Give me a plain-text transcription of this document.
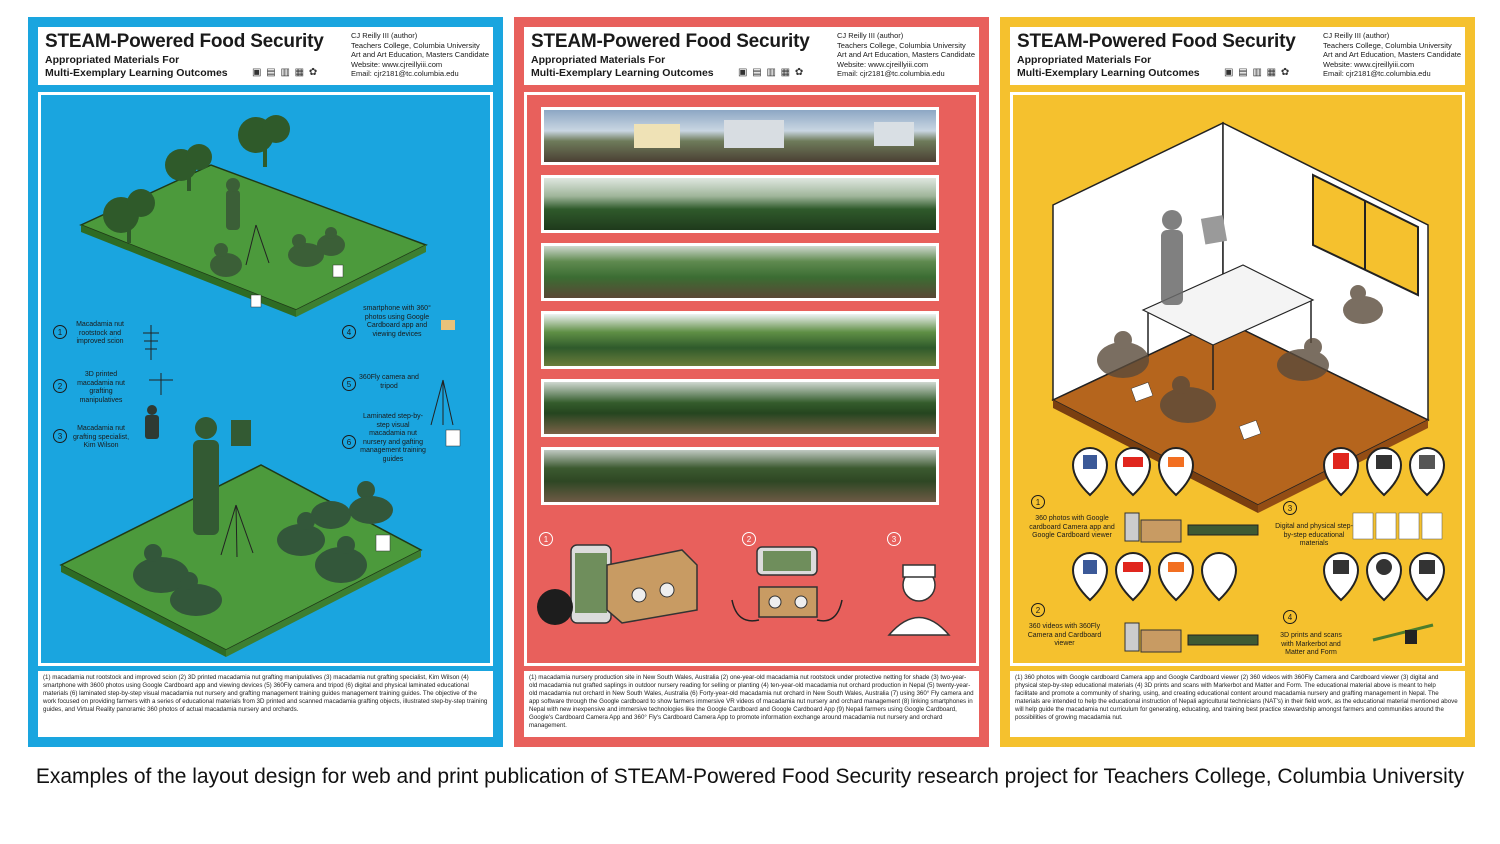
STEAM-Powered Food Security
Appropriated Materials For
Multi-Exemplary Learning Outcomes ▣ ▤ ▥ ▦ ✿
CJ Reilly III (author)
Teachers College, Columbia University
Art and Art Education, Masters Candidate
Website: www.cjreillyiii.com
Email: cjr2181@tc.columbia.edu
1
Macadamia nut rootstock and improved scion
2
3D printed macadamia nut grafting manipulatives
3
Macadamia nut grafting specialist, Kim Wilson
4
smartphone with 360° photos using Google Cardboard app and viewing devices
5
360Fly camera and tripod
6
Laminated step-by-step visual macadamia nut nursery and gafting management training guides
(1) macadamia nut rootstock and improved scion (2) 3D printed macadamia nut grafting manipulatives (3) macadamia nut grafting specialist, Kim Wilson (4) smartphone with 3600 photos using Google Cardboard app and viewing devices (5) 360Fly camera and tripod (6) digital and physical laminated educational materials (6) laminated step-by-step visual macadamia nut nursery and grafting management training guides management training guides. The objective of the work focused on providing farmers with a series of educational materials from 3D printed and scanned macadamia grafting objects, illustrated step-by-step training guides, and Virtual Reality panoramic 360 photos of actual macadamia nursery and orchards.
STEAM-Powered Food Security
Appropriated Materials For
Multi-Exemplary Learning Outcomes ▣ ▤ ▥ ▦ ✿
CJ Reilly III (author)
Teachers College, Columbia University
Art and Art Education, Masters Candidate
Website: www.cjreillyiii.com
Email: cjr2181@tc.columbia.edu
1	2	3
(1) macadamia nursery production site in New South Wales, Australia (2) one-year-old macadamia nut rootstock under protective netting for shade (3) two-year-old macadamia nut grafted saplings in outdoor nursery reading for selling or planting (4) ten-year-old macadamia nut orchard production in Nepal (5) twenty-year-old macadamia nut orchard in New South Wales, Australia (6) Forty-year-old macadamia nut orchard in New South Wales, Australia (7) using 360° Fly camera and app software through the Google cardboard to show farmers immersive VR videos of macadamia nut nursery and orchard management (8) linking smartphones in Nepal with new inexpensive and immersive technologies like the Google Cardboard and Google Cardboard App (9) Nepali farmers using Google Cardboard, Google's Cardboard Camera App and 360° Fly's Cardboard Camera App to promote information exchange around macadamia nut nursery and orchard management.
STEAM-Powered Food Security
Appropriated Materials For
Multi-Exemplary Learning Outcomes ▣ ▤ ▥ ▦ ✿
CJ Reilly III (author)
Teachers College, Columbia University
Art and Art Education, Masters Candidate
Website: www.cjreillyiii.com
Email: cjr2181@tc.columbia.edu
1
360 photos with Google cardboard Camera app and Google Cardboard viewer
2
360 videos with 360Fly Camera and Cardboard viewer
3
Digital and physical step-by-step educational materials
4
3D prints and scans with Markerbot and Matter and Form
(1) 360 photos with Google cardboard Camera app and Google Cardboard viewer (2) 360 videos with 360Fly Camera and Cardboard viewer (3) digital and physical step-by-step educational materials (4) 3D prints and scans with Markerbot and Matter and Form. The educational material above is meant to help facilitate and promote a community of sharing, using, and creating educational content around macadamia nursery and grafting management in Nepal. The materials are intended to help the educational instruction of Nepali agricultural technicians (NAT's) in their field work, as the educational material mentioned above will help guide the macadamia nut curriculum for generating, educating, and training best practice stewardship amongst farmers and communities around the possibilities of growing macadamia nut.
Examples of the layout design for web and print publication of STEAM-Powered Food Security research project for Teachers College, Columbia University
